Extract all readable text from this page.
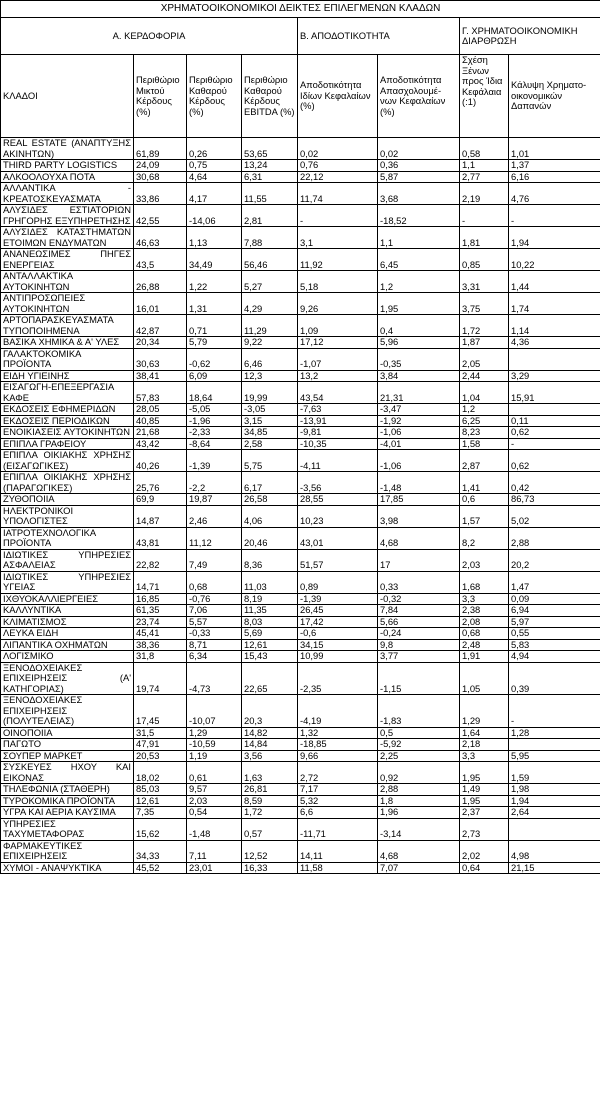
ΧΡΗΜΑΤΟΟΙΚΟΝΟΜΙΚΟΙ ΔΕΙΚΤΕΣ ΕΠΙΛΕΓΜΕΝΩΝ ΚΛΑΔΩΝ							
Α. ΚΕΡΔΟΦΟΡΙΑ				Β. ΑΠΟΔΟΤΙΚΟΤΗΤΑ		Γ. ΧΡΗΜΑΤΟΟΙΚΟΝΟΜΙΚΗ ΔΙΑΡΘΡΩΣΗ	
ΚΛΑΔΟΙ	Περιθώριο Μικτού Κέρδους (%)	Περιθώριο Καθαρού Κέρδους (%)	Περιθώριο Καθαρού Κέρδους EBITDA (%)	Αποδοτικότητα Ιδίων Κεφαλαίων (%)	Αποδοτικότητα Απασχολουμέ-νων Κεφαλαίων (%)	Σχέση Ξένων προς Ίδια Κεφάλαια (:1)	Κάλυψη Χρηματο-οικονομικών Δαπανών
REAL ESTATE (ΑΝΑΠΤΥΞΗΣ ΑΚΙΝΗΤΩΝ)	61,89	0,26	53,65	0,02	0,02	0,58	1,01
THIRD PARTY LOGISTICS	24,09	0,75	13,24	0,76	0,36	1,1	1,37
ΑΛΚΟΟΛΟΥΧΑ ΠΟΤΑ	30,68	4,64	6,31	22,12	5,87	2,77	6,16
ΑΛΛΑΝΤΙΚΑ - ΚΡΕΑΤΟΣΚΕΥΑΣΜΑΤΑ	33,86	4,17	11,55	11,74	3,68	2,19	4,76
ΑΛΥΣΙΔΕΣ ΕΣΤΙΑΤΟΡΙΩΝ ΓΡΗΓΟΡΗΣ ΕΞΥΠΗΡΕΤΗΣΗΣ	42,55	-14,06	2,81	-	-18,52	-	-
ΑΛΥΣΙΔΕΣ ΚΑΤΑΣΤΗΜΑΤΩΝ ΕΤΟΙΜΩΝ ΕΝΔΥΜΑΤΩΝ	46,63	1,13	7,88	3,1	1,1	1,81	1,94
ΑΝΑΝΕΩΣΙΜΕΣ ΠΗΓΕΣ ΕΝΕΡΓΕΙΑΣ	43,5	34,49	56,46	11,92	6,45	0,85	10,22
ΑΝΤΑΛΛΑΚΤΙΚΑ ΑΥΤΟΚΙΝΗΤΩΝ	26,88	1,22	5,27	5,18	1,2	3,31	1,44
ΑΝΤΙΠΡΟΣΩΠΕΙΕΣ ΑΥΤΟΚΙΝΗΤΩΝ	16,01	1,31	4,29	9,26	1,95	3,75	1,74
ΑΡΤΟΠΑΡΑΣΚΕΥΑΣΜΑΤΑ ΤΥΠΟΠΟΙΗΜΕΝΑ	42,87	0,71	11,29	1,09	0,4	1,72	1,14
ΒΑΣΙΚΑ ΧΗΜΙΚΑ & Α' ΥΛΕΣ	20,34	5,79	9,22	17,12	5,96	1,87	4,36
ΓΑΛΑΚΤΟΚΟΜΙΚΑ ΠΡΟΪΟΝΤΑ	30,63	-0,62	6,46	-1,07	-0,35	2,05	
ΕΙΔΗ ΥΓΙΕΙΝΗΣ	38,41	6,09	12,3	13,2	3,84	2,44	3,29
ΕΙΣΑΓΩΓΗ-ΕΠΕΞΕΡΓΑΣΙΑ ΚΑΦΕ	57,83	18,64	19,99	43,54	21,31	1,04	15,91
ΕΚΔΟΣΕΙΣ ΕΦΗΜΕΡΙΔΩΝ	28,05	-5,05	-3,05	-7,63	-3,47	1,2	
ΕΚΔΟΣΕΙΣ ΠΕΡΙΟΔΙΚΩΝ	40,85	-1,96	3,15	-13,91	-1,92	6,25	0,11
ΕΝΟΙΚΙΑΣΕΙΣ ΑΥΤΟΚΙΝΗΤΩΝ	21,68	-2,33	34,85	-9,81	-1,06	8,23	0,62
ΕΠΙΠΛΑ ΓΡΑΦΕΙΟΥ	43,42	-8,64	2,58	-10,35	-4,01	1,58	-
ΕΠΙΠΛΑ ΟΙΚΙΑΚΗΣ ΧΡΗΣΗΣ (ΕΙΣΑΓΩΓΙΚΕΣ)	40,26	-1,39	5,75	-4,11	-1,06	2,87	0,62
ΕΠΙΠΛΑ ΟΙΚΙΑΚΗΣ ΧΡΗΣΗΣ (ΠΑΡΑΓΩΓΙΚΕΣ)	25,76	-2,2	6,17	-3,56	-1,48	1,41	0,42
ΖΥΘΟΠΟΙΙΑ	69,9	19,87	26,58	28,55	17,85	0,6	86,73
ΗΛΕΚΤΡΟΝΙΚΟΙ ΥΠΟΛΟΓΙΣΤΕΣ	14,87	2,46	4,06	10,23	3,98	1,57	5,02
ΙΑΤΡΟΤΕΧΝΟΛΟΓΙΚΑ ΠΡΟΪΟΝΤΑ	43,81	11,12	20,46	43,01	4,68	8,2	2,88
ΙΔΙΩΤΙΚΕΣ ΥΠΗΡΕΣΙΕΣ ΑΣΦΑΛΕΙΑΣ	22,82	7,49	8,36	51,57	17	2,03	20,2
ΙΔΙΩΤΙΚΕΣ ΥΠΗΡΕΣΙΕΣ ΥΓΕΙΑΣ	14,71	0,68	11,03	0,89	0,33	1,68	1,47
ΙΧΘΥΟΚΑΛΛΙΕΡΓΕΙΕΣ	16,85	-0,76	8,19	-1,39	-0,32	3,3	0,09
ΚΑΛΛΥΝΤΙΚΑ	61,35	7,06	11,35	26,45	7,84	2,38	6,94
ΚΛΙΜΑΤΙΣΜΟΣ	23,74	5,57	8,03	17,42	5,66	2,08	5,97
ΛΕΥΚΑ ΕΙΔΗ	45,41	-0,33	5,69	-0,6	-0,24	0,68	0,55
ΛΙΠΑΝΤΙΚΑ ΟΧΗΜΑΤΩΝ	38,36	8,71	12,61	34,15	9,8	2,48	5,83
ΛΟΓΙΣΜΙΚΟ	31,8	6,34	15,43	10,99	3,77	1,91	4,94
ΞΕΝΟΔΟΧΕΙΑΚΕΣ ΕΠΙΧΕΙΡΗΣΕΙΣ (Α' ΚΑΤΗΓΟΡΙΑΣ)	19,74	-4,73	22,65	-2,35	-1,15	1,05	0,39
ΞΕΝΟΔΟΧΕΙΑΚΕΣ ΕΠΙΧΕΙΡΗΣΕΙΣ (ΠΟΛΥΤΕΛΕΙΑΣ)	17,45	-10,07	20,3	-4,19	-1,83	1,29	-
ΟΙΝΟΠΟΙΙΑ	31,5	1,29	14,82	1,32	0,5	1,64	1,28
ΠΑΓΩΤΟ	47,91	-10,59	14,84	-18,85	-5,92	2,18	
ΣΟΥΠΕΡ ΜΑΡΚΕΤ	20,53	1,19	3,56	9,66	2,25	3,3	5,95
ΣΥΣΚΕΥΕΣ ΗΧΟΥ ΚΑΙ ΕΙΚΟΝΑΣ	18,02	0,61	1,63	2,72	0,92	1,95	1,59
ΤΗΛΕΦΩΝΙΑ (ΣΤΑΘΕΡΗ)	85,03	9,57	26,81	7,17	2,88	1,49	1,98
ΤΥΡΟΚΟΜΙΚΑ ΠΡΟΪΟΝΤΑ	12,61	2,03	8,59	5,32	1,8	1,95	1,94
ΥΓΡΑ ΚΑΙ ΑΕΡΙΑ ΚΑΥΣΙΜΑ	7,35	0,54	1,72	6,6	1,96	2,37	2,64
ΥΠΗΡΕΣΙΕΣ ΤΑΧΥΜΕΤΑΦΟΡΑΣ	15,62	-1,48	0,57	-11,71	-3,14	2,73	
ΦΑΡΜΑΚΕΥΤΙΚΕΣ ΕΠΙΧΕΙΡΗΣΕΙΣ	34,33	7,11	12,52	14,11	4,68	2,02	4,98
ΧΥΜΟΙ - ΑΝΑΨΥΚΤΙΚΑ	45,52	23,01	16,33	11,58	7,07	0,64	21,15
